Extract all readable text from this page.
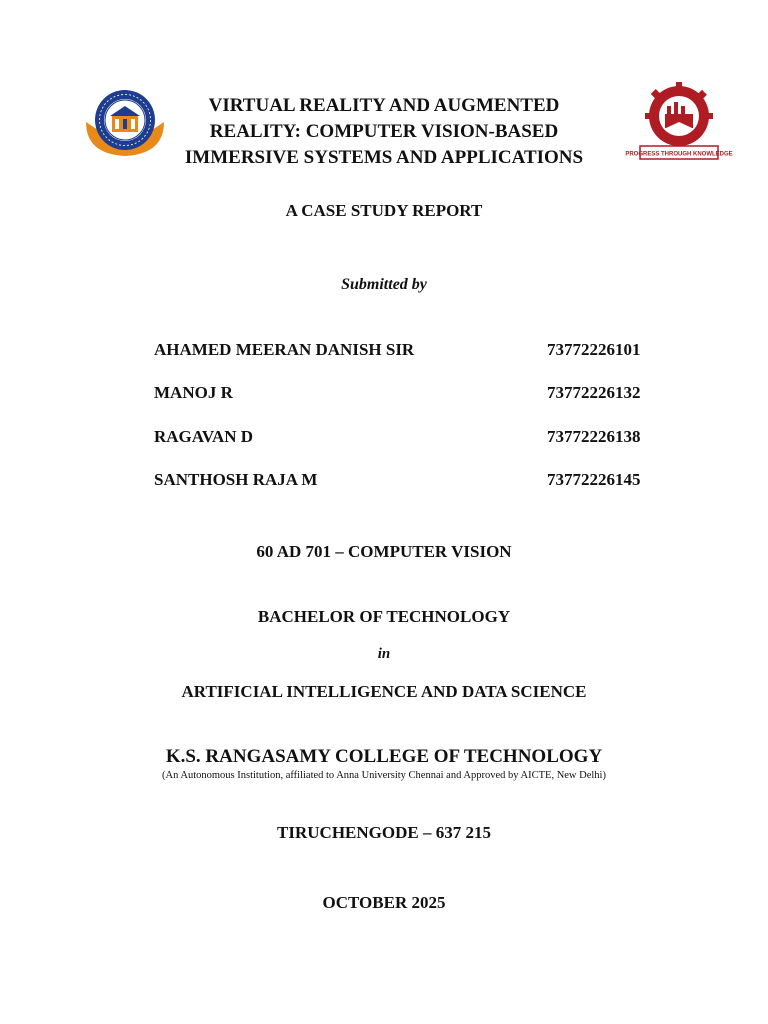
VIRTUAL REALITY AND AUGMENTED
REALITY: COMPUTER VISION-BASED
IMMERSIVE SYSTEMS AND APPLICATIONS	PROGRESS THROUGH KNOWLEDGE
A CASE STUDY REPORT
Submitted by
AHAMED MEERAN DANISH SIR	73772226101
MANOJ R	73772226132
RAGAVAN D	73772226138
SANTHOSH RAJA M	73772226145
60 AD 701 – COMPUTER VISION
BACHELOR OF TECHNOLOGY
in
ARTIFICIAL INTELLIGENCE AND DATA SCIENCE
K.S. RANGASAMY COLLEGE OF TECHNOLOGY
(An Autonomous Institution, affiliated to Anna University Chennai and Approved by AICTE, New Delhi)
TIRUCHENGODE – 637 215
OCTOBER 2025
